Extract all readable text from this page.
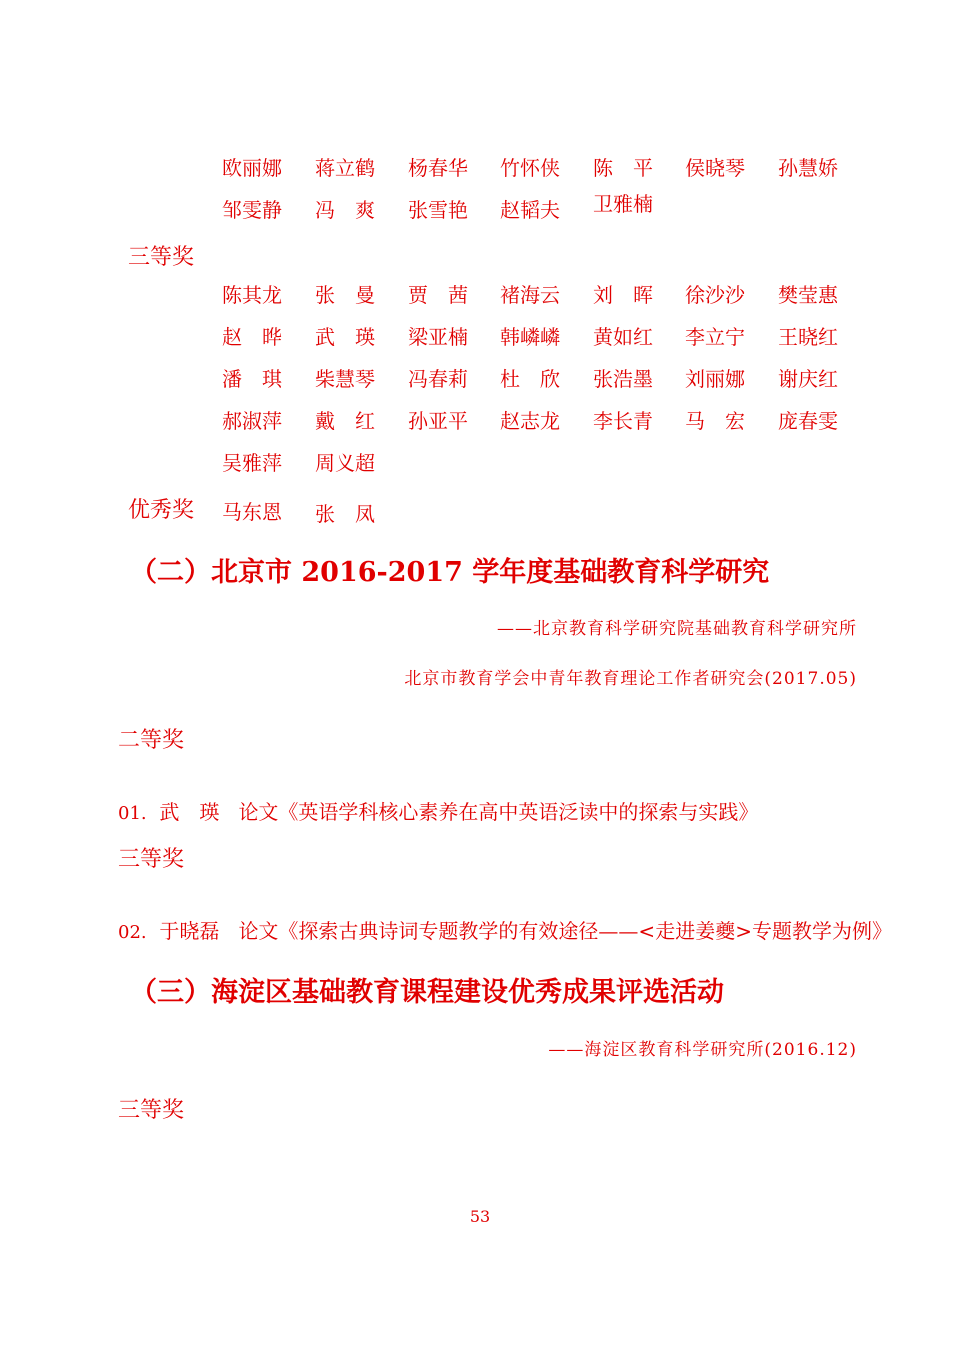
欧丽娜 蒋立鹤 杨春华 竹怀侠 陈　平 侯晓琴 孙慧娇
邹雯静 冯　爽 张雪艳 赵韬夫 卫雅楠
三等奖
陈其龙 张　曼 贾　茜 褚海云 刘　晖 徐沙沙 樊莹惠
赵　晔 武　瑛 梁亚楠 韩嶙嶙 黄如红 李立宁 王晓红
潘　琪 柴慧琴 冯春莉 杜　欣 张浩墨 刘丽娜 谢庆红
郝淑萍 戴　红 孙亚平 赵志龙 李长青 马　宏 庞春雯
吴雅萍 周义超
优秀奖 马东恩 张　凤
（二）北京市 2016-2017 学年度基础教育科学研究
——北京教育科学研究院基础教育科学研究所
北京市教育学会中青年教育理论工作者研究会(2017.05)
二等奖
01. 武　瑛 论文《英语学科核心素养在高中英语泛读中的探索与实践》
三等奖
02. 于晓磊 论文《探索古典诗词专题教学的有效途径——<走进姜夔>专题教学为例》
（三）海淀区基础教育课程建设优秀成果评选活动
——海淀区教育科学研究所(2016.12)
三等奖
53
